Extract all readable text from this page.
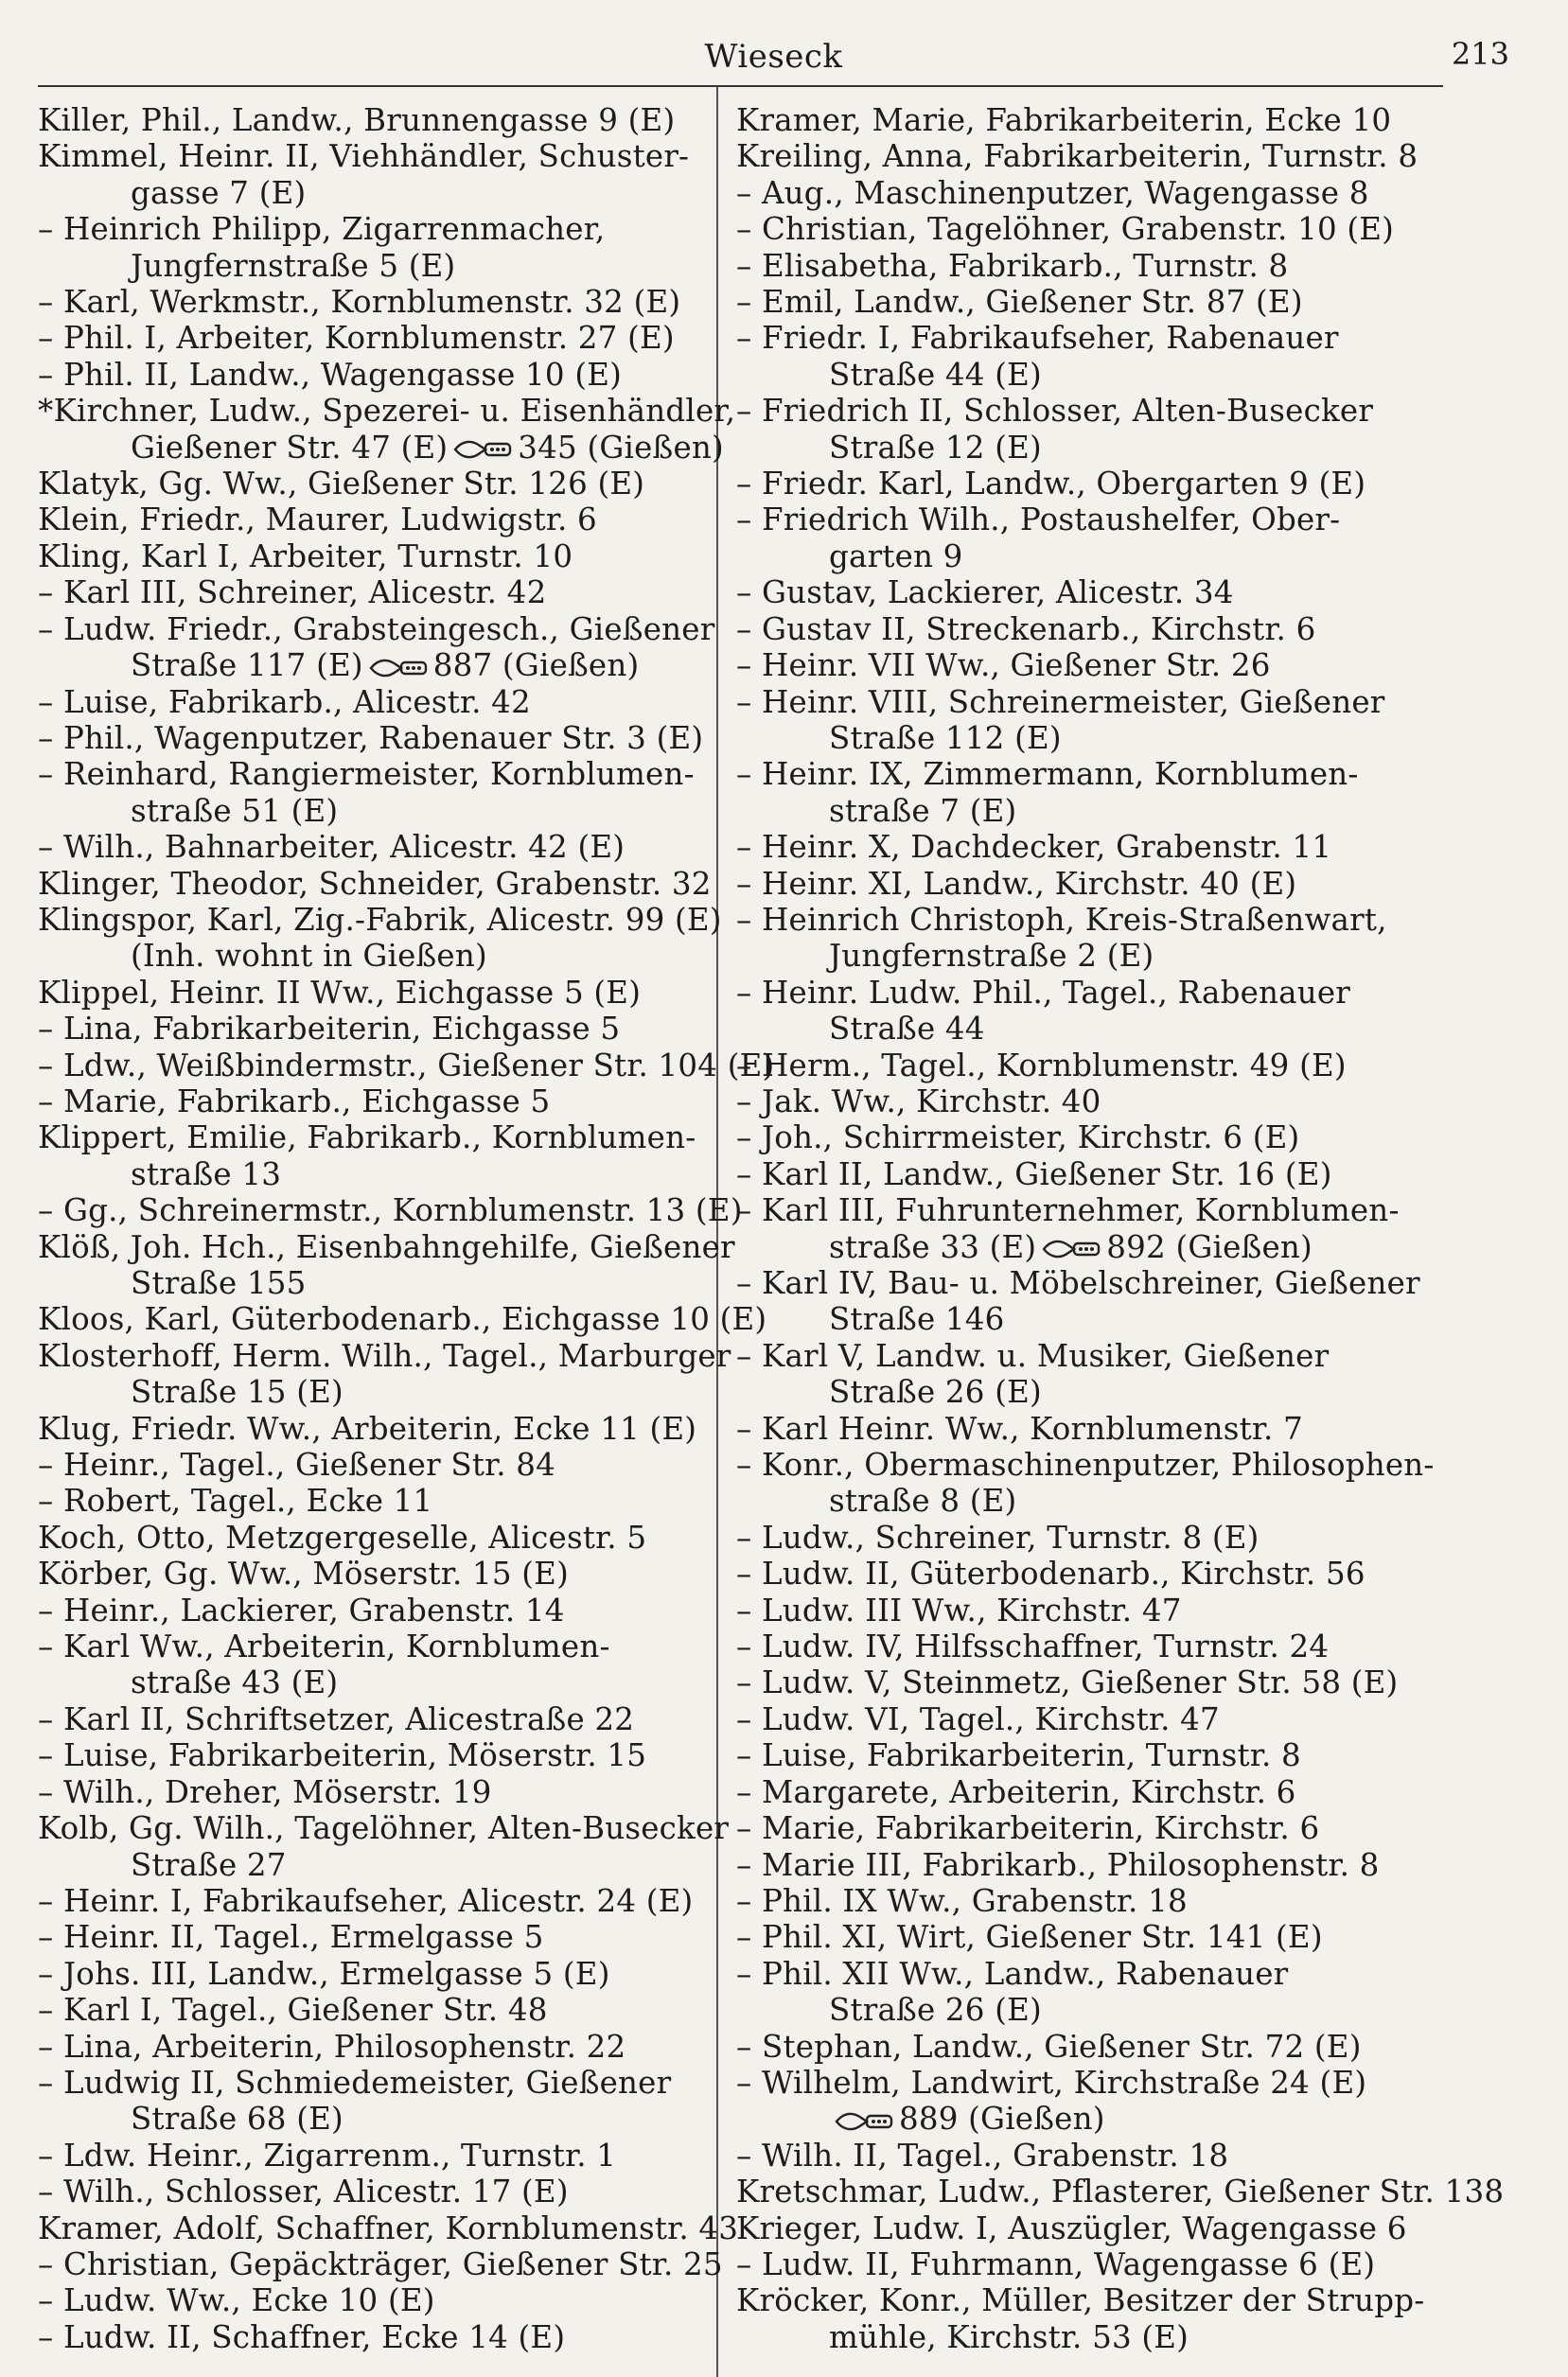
Wieseck	213
Killer, Phil., Landw., Brunnengasse 9 (E)
Kimmel, Heinr. II, Viehhändler, Schuster-
gasse 7 (E)
– Heinrich Philipp, Zigarrenmacher,
Jungfernstraße 5 (E)
– Karl, Werkmstr., Kornblumenstr. 32 (E)
– Phil. I, Arbeiter, Kornblumenstr. 27 (E)
– Phil. II, Landw., Wagengasse 10 (E)
*Kirchner, Ludw., Spezerei- u. Eisenhändler,
Gießener Str. 47 (E) 345 (Gießen)
Klatyk, Gg. Ww., Gießener Str. 126 (E)
Klein, Friedr., Maurer, Ludwigstr. 6
Kling, Karl I, Arbeiter, Turnstr. 10
– Karl III, Schreiner, Alicestr. 42
– Ludw. Friedr., Grabsteingesch., Gießener
Straße 117 (E) 887 (Gießen)
– Luise, Fabrikarb., Alicestr. 42
– Phil., Wagenputzer, Rabenauer Str. 3 (E)
– Reinhard, Rangiermeister, Kornblumen-
straße 51 (E)
– Wilh., Bahnarbeiter, Alicestr. 42 (E)
Klinger, Theodor, Schneider, Grabenstr. 32
Klingspor, Karl, Zig.-Fabrik, Alicestr. 99 (E)
(Inh. wohnt in Gießen)
Klippel, Heinr. II Ww., Eichgasse 5 (E)
– Lina, Fabrikarbeiterin, Eichgasse 5
– Ldw., Weißbindermstr., Gießener Str. 104 (E)
– Marie, Fabrikarb., Eichgasse 5
Klippert, Emilie, Fabrikarb., Kornblumen-
straße 13
– Gg., Schreinermstr., Kornblumenstr. 13 (E)
Klöß, Joh. Hch., Eisenbahngehilfe, Gießener
Straße 155
Kloos, Karl, Güterbodenarb., Eichgasse 10 (E)
Klosterhoff, Herm. Wilh., Tagel., Marburger
Straße 15 (E)
Klug, Friedr. Ww., Arbeiterin, Ecke 11 (E)
– Heinr., Tagel., Gießener Str. 84
– Robert, Tagel., Ecke 11
Koch, Otto, Metzgergeselle, Alicestr. 5
Körber, Gg. Ww., Möserstr. 15 (E)
– Heinr., Lackierer, Grabenstr. 14
– Karl Ww., Arbeiterin, Kornblumen-
straße 43 (E)
– Karl II, Schriftsetzer, Alicestraße 22
– Luise, Fabrikarbeiterin, Möserstr. 15
– Wilh., Dreher, Möserstr. 19
Kolb, Gg. Wilh., Tagelöhner, Alten-Busecker
Straße 27
– Heinr. I, Fabrikaufseher, Alicestr. 24 (E)
– Heinr. II, Tagel., Ermelgasse 5
– Johs. III, Landw., Ermelgasse 5 (E)
– Karl I, Tagel., Gießener Str. 48
– Lina, Arbeiterin, Philosophenstr. 22
– Ludwig II, Schmiedemeister, Gießener
Straße 68 (E)
– Ldw. Heinr., Zigarrenm., Turnstr. 1
– Wilh., Schlosser, Alicestr. 17 (E)
Kramer, Adolf, Schaffner, Kornblumenstr. 43
– Christian, Gepäckträger, Gießener Str. 25
– Ludw. Ww., Ecke 10 (E)
– Ludw. II, Schaffner, Ecke 14 (E)
Kramer, Marie, Fabrikarbeiterin, Ecke 10
Kreiling, Anna, Fabrikarbeiterin, Turnstr. 8
– Aug., Maschinenputzer, Wagengasse 8
– Christian, Tagelöhner, Grabenstr. 10 (E)
– Elisabetha, Fabrikarb., Turnstr. 8
– Emil, Landw., Gießener Str. 87 (E)
– Friedr. I, Fabrikaufseher, Rabenauer
Straße 44 (E)
– Friedrich II, Schlosser, Alten-Busecker
Straße 12 (E)
– Friedr. Karl, Landw., Obergarten 9 (E)
– Friedrich Wilh., Postaushelfer, Ober-
garten 9
– Gustav, Lackierer, Alicestr. 34
– Gustav II, Streckenarb., Kirchstr. 6
– Heinr. VII Ww., Gießener Str. 26
– Heinr. VIII, Schreinermeister, Gießener
Straße 112 (E)
– Heinr. IX, Zimmermann, Kornblumen-
straße 7 (E)
– Heinr. X, Dachdecker, Grabenstr. 11
– Heinr. XI, Landw., Kirchstr. 40 (E)
– Heinrich Christoph, Kreis-Straßenwart,
Jungfernstraße 2 (E)
– Heinr. Ludw. Phil., Tagel., Rabenauer
Straße 44
– Herm., Tagel., Kornblumenstr. 49 (E)
– Jak. Ww., Kirchstr. 40
– Joh., Schirrmeister, Kirchstr. 6 (E)
– Karl II, Landw., Gießener Str. 16 (E)
– Karl III, Fuhrunternehmer, Kornblumen-
straße 33 (E) 892 (Gießen)
– Karl IV, Bau- u. Möbelschreiner, Gießener
Straße 146
– Karl V, Landw. u. Musiker, Gießener
Straße 26 (E)
– Karl Heinr. Ww., Kornblumenstr. 7
– Konr., Obermaschinenputzer, Philosophen-
straße 8 (E)
– Ludw., Schreiner, Turnstr. 8 (E)
– Ludw. II, Güterbodenarb., Kirchstr. 56
– Ludw. III Ww., Kirchstr. 47
– Ludw. IV, Hilfsschaffner, Turnstr. 24
– Ludw. V, Steinmetz, Gießener Str. 58 (E)
– Ludw. VI, Tagel., Kirchstr. 47
– Luise, Fabrikarbeiterin, Turnstr. 8
– Margarete, Arbeiterin, Kirchstr. 6
– Marie, Fabrikarbeiterin, Kirchstr. 6
– Marie III, Fabrikarb., Philosophenstr. 8
– Phil. IX Ww., Grabenstr. 18
– Phil. XI, Wirt, Gießener Str. 141 (E)
– Phil. XII Ww., Landw., Rabenauer
Straße 26 (E)
– Stephan, Landw., Gießener Str. 72 (E)
– Wilhelm, Landwirt, Kirchstraße 24 (E)
889 (Gießen)
– Wilh. II, Tagel., Grabenstr. 18
Kretschmar, Ludw., Pflasterer, Gießener Str. 138
Krieger, Ludw. I, Auszügler, Wagengasse 6
– Ludw. II, Fuhrmann, Wagengasse 6 (E)
Kröcker, Konr., Müller, Besitzer der Strupp-
mühle, Kirchstr. 53 (E)
